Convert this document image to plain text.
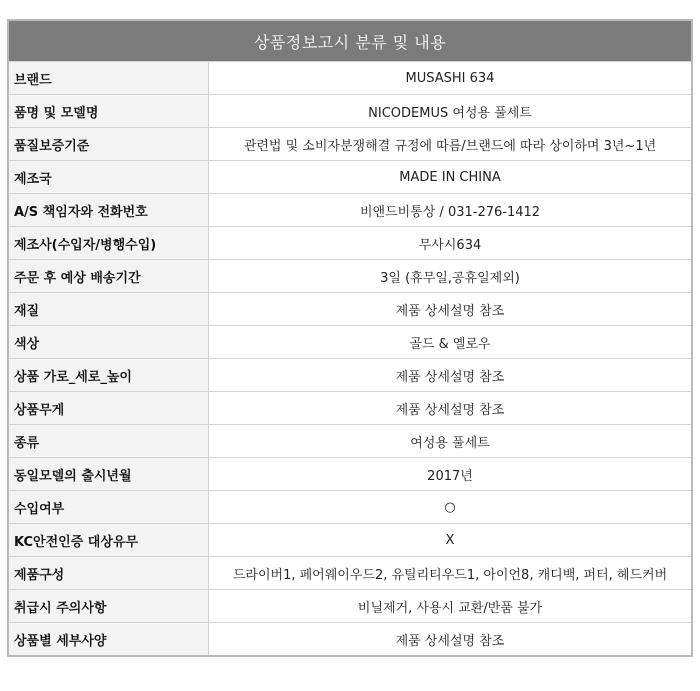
상품정보고시 분류 및 내용
브랜드	MUSASHI 634
품명 및 모델명	NICODEMUS 여성용 풀세트
품질보증기준	관련법 및 소비자분쟁해결 규정에 따름/브랜드에 따라 상이하며 3년~1년
제조국	MADE IN CHINA
A/S 책임자와 전화번호	비앤드비통상 / 031-276-1412
제조사(수입자/병행수입)	무사시634
주문 후 예상 배송기간	3일 (휴무일,공휴일제외)
재질	제품 상세설명 참조
색상	골드 & 옐로우
상품 가로_세로_높이	제품 상세설명 참조
상품무게	제품 상세설명 참조
종류	여성용 풀세트
동일모델의 출시년월	2017년
수입여부	○
KC안전인증 대상유무	X
제품구성	드라이버1, 페어웨이우드2, 유틸리티우드1, 아이언8, 캐디백, 퍼터, 헤드커버
취급시 주의사항	비닐제거, 사용시 교환/반품 불가
상품별 세부사양	제품 상세설명 참조
